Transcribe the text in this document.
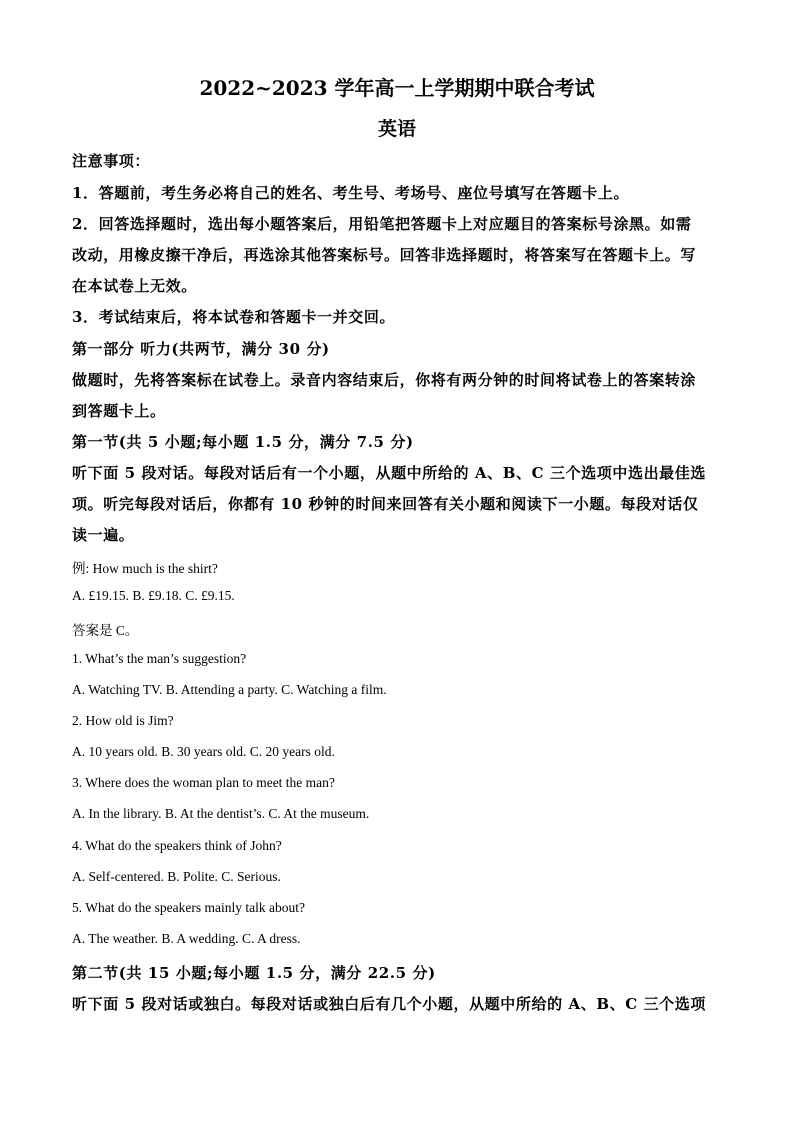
2022~2023 学年高一上学期期中联合考试
英语
注意事项：
1．答题前，考生务必将自己的姓名、考生号、考场号、座位号填写在答题卡上。
2．回答选择题时，选出每小题答案后，用铅笔把答题卡上对应题目的答案标号涂黑。如需
改动，用橡皮擦干净后，再选涂其他答案标号。回答非选择题时，将答案写在答题卡上。写
在本试卷上无效。
3．考试结束后，将本试卷和答题卡一并交回。
第一部分 听力(共两节，满分 30 分)
做题时，先将答案标在试卷上。录音内容结束后，你将有两分钟的时间将试卷上的答案转涂
到答题卡上。
第一节(共 5 小题;每小题 1.5 分，满分 7.5 分)
听下面 5 段对话。每段对话后有一个小题，从题中所给的 A、B、C 三个选项中选出最佳选
项。听完每段对话后，你都有 10 秒钟的时间来回答有关小题和阅读下一小题。每段对话仅
读一遍。
例: How much is the shirt?
A. £19.15. B. £9.18. C. £9.15.
答案是 C。
1. What’s the man’s suggestion?
A. Watching TV. B. Attending a party. C. Watching a film.
2. How old is Jim?
A. 10 years old. B. 30 years old. C. 20 years old.
3. Where does the woman plan to meet the man?
A. In the library. B. At the dentist’s. C. At the museum.
4. What do the speakers think of John?
A. Self-centered. B. Polite. C. Serious.
5. What do the speakers mainly talk about?
A. The weather. B. A wedding. C. A dress.
第二节(共 15 小题;每小题 1.5 分，满分 22.5 分)
听下面 5 段对话或独白。每段对话或独白后有几个小题，从题中所给的 A、B、C 三个选项
